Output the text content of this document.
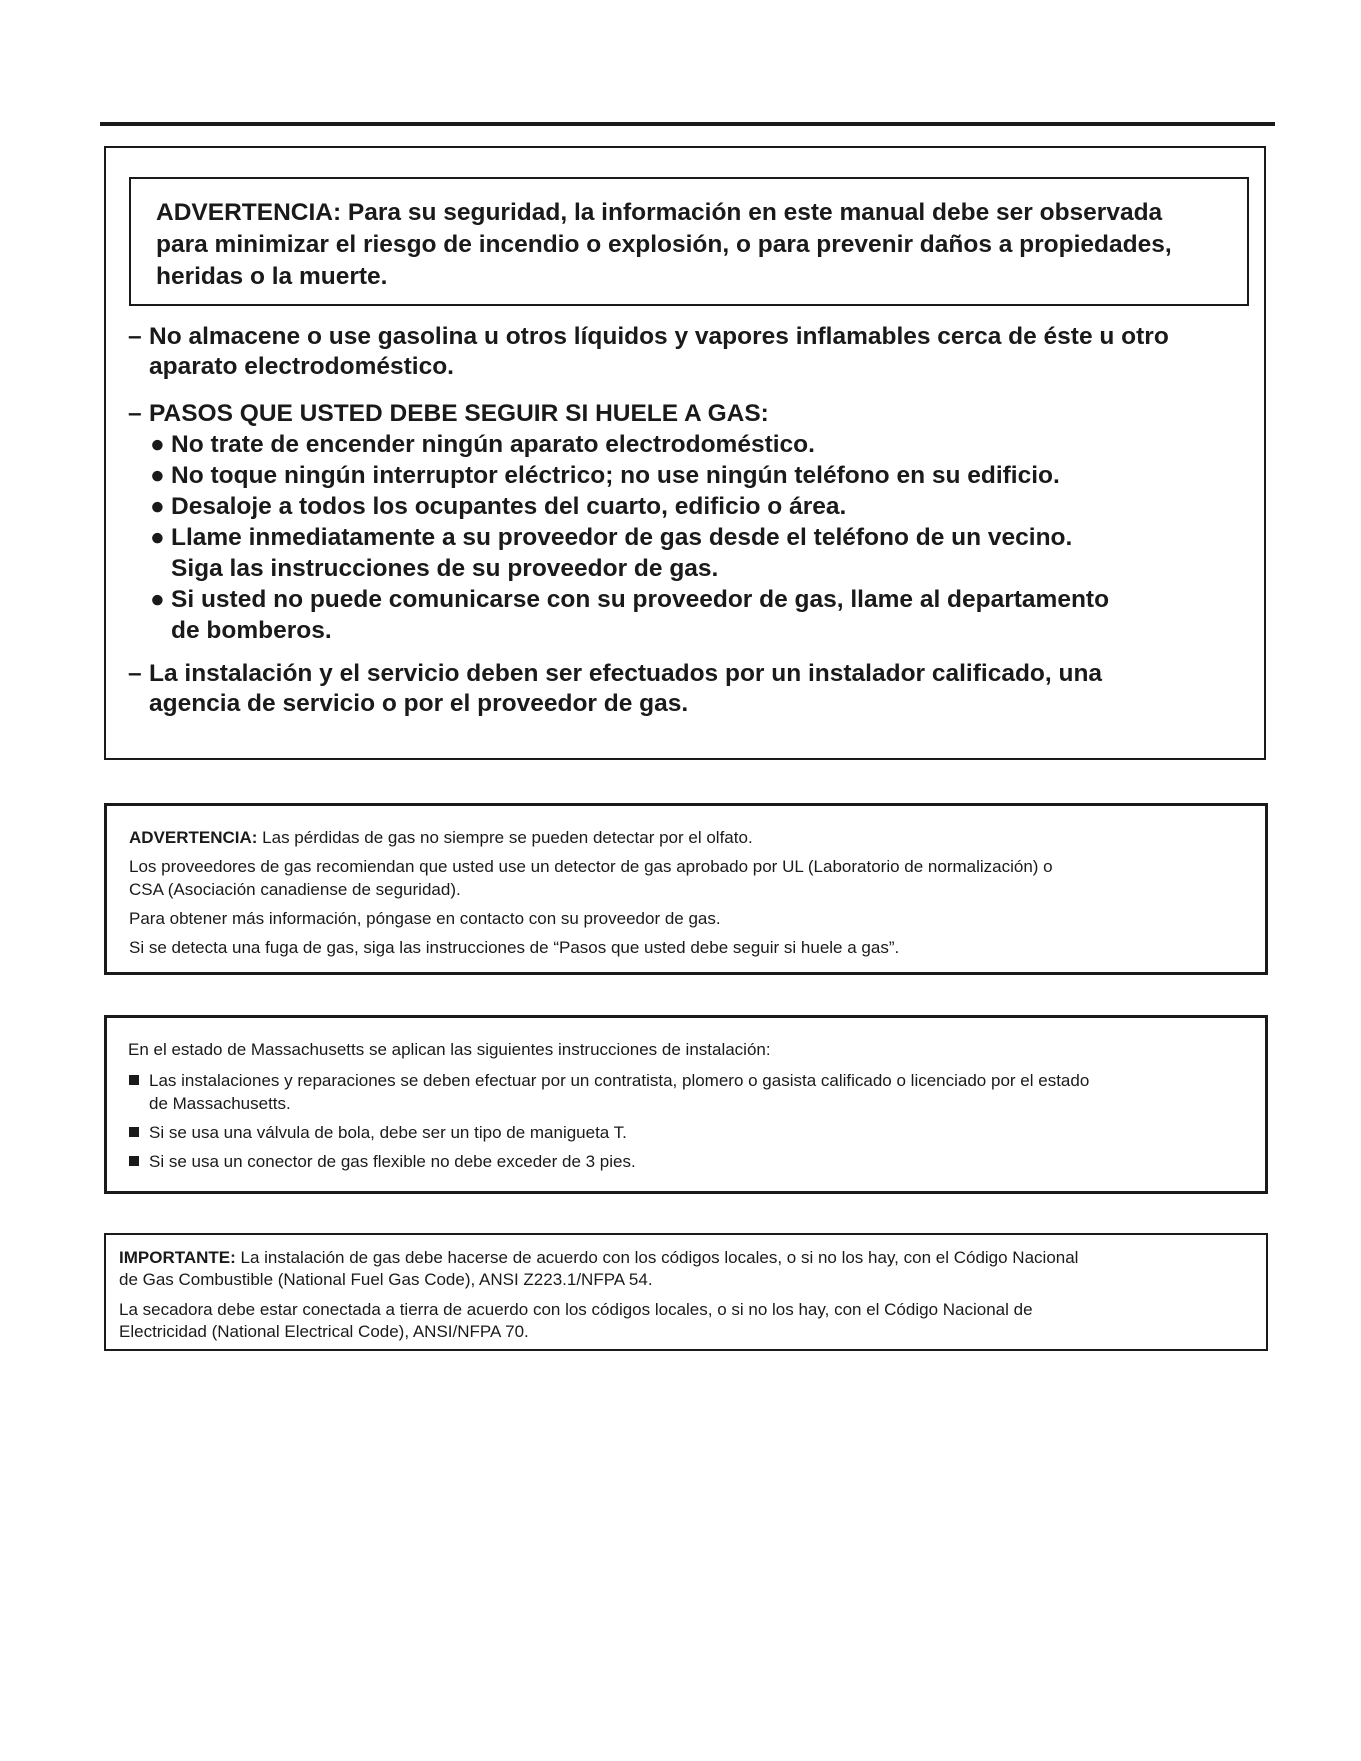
ADVERTENCIA: Para su seguridad, la información en este manual debe ser observada

para minimizar el riesgo de incendio o explosión, o para prevenir daños a propiedades,

heridas o la muerte.

– No almacene o use gasolina u otros líquidos y vapores inflamables cerca de éste u otro
aparato electrodoméstico.
– PASOS QUE USTED DEBE SEGUIR SI HUELE A GAS:
● No trate de encender ningún aparato electrodoméstico.
● No toque ningún interruptor eléctrico; no use ningún teléfono en su edificio.
● Desaloje a todos los ocupantes del cuarto, edificio o área.
● Llame inmediatamente a su proveedor de gas desde el teléfono de un vecino.
Siga las instrucciones de su proveedor de gas.
● Si usted no puede comunicarse con su proveedor de gas, llame al departamento
de bomberos.
– La instalación y el servicio deben ser efectuados por un instalador calificado, una
agencia de servicio o por el proveedor de gas.

ADVERTENCIA: Las pérdidas de gas no siempre se pueden detectar por el olfato.

Los proveedores de gas recomiendan que usted use un detector de gas aprobado por UL (Laboratorio de normalización) o
CSA (Asociación canadiense de seguridad).

Para obtener más información, póngase en contacto con su proveedor de gas.

Si se detecta una fuga de gas, siga las instrucciones de “Pasos que usted debe seguir si huele a gas”.

En el estado de Massachusetts se aplican las siguientes instrucciones de instalación:

Las instalaciones y reparaciones se deben efectuar por un contratista, plomero o gasista calificado o licenciado por el estado
de Massachusetts.
Si se usa una válvula de bola, debe ser un tipo de manigueta T.
Si se usa un conector de gas flexible no debe exceder de 3 pies.

IMPORTANTE: La instalación de gas debe hacerse de acuerdo con los códigos locales, o si no los hay, con el Código Nacional
de Gas Combustible (National Fuel Gas Code), ANSI Z223.1/NFPA 54.

La secadora debe estar conectada a tierra de acuerdo con los códigos locales, o si no los hay, con el Código Nacional de
Electricidad (National Electrical Code), ANSI/NFPA 70.
